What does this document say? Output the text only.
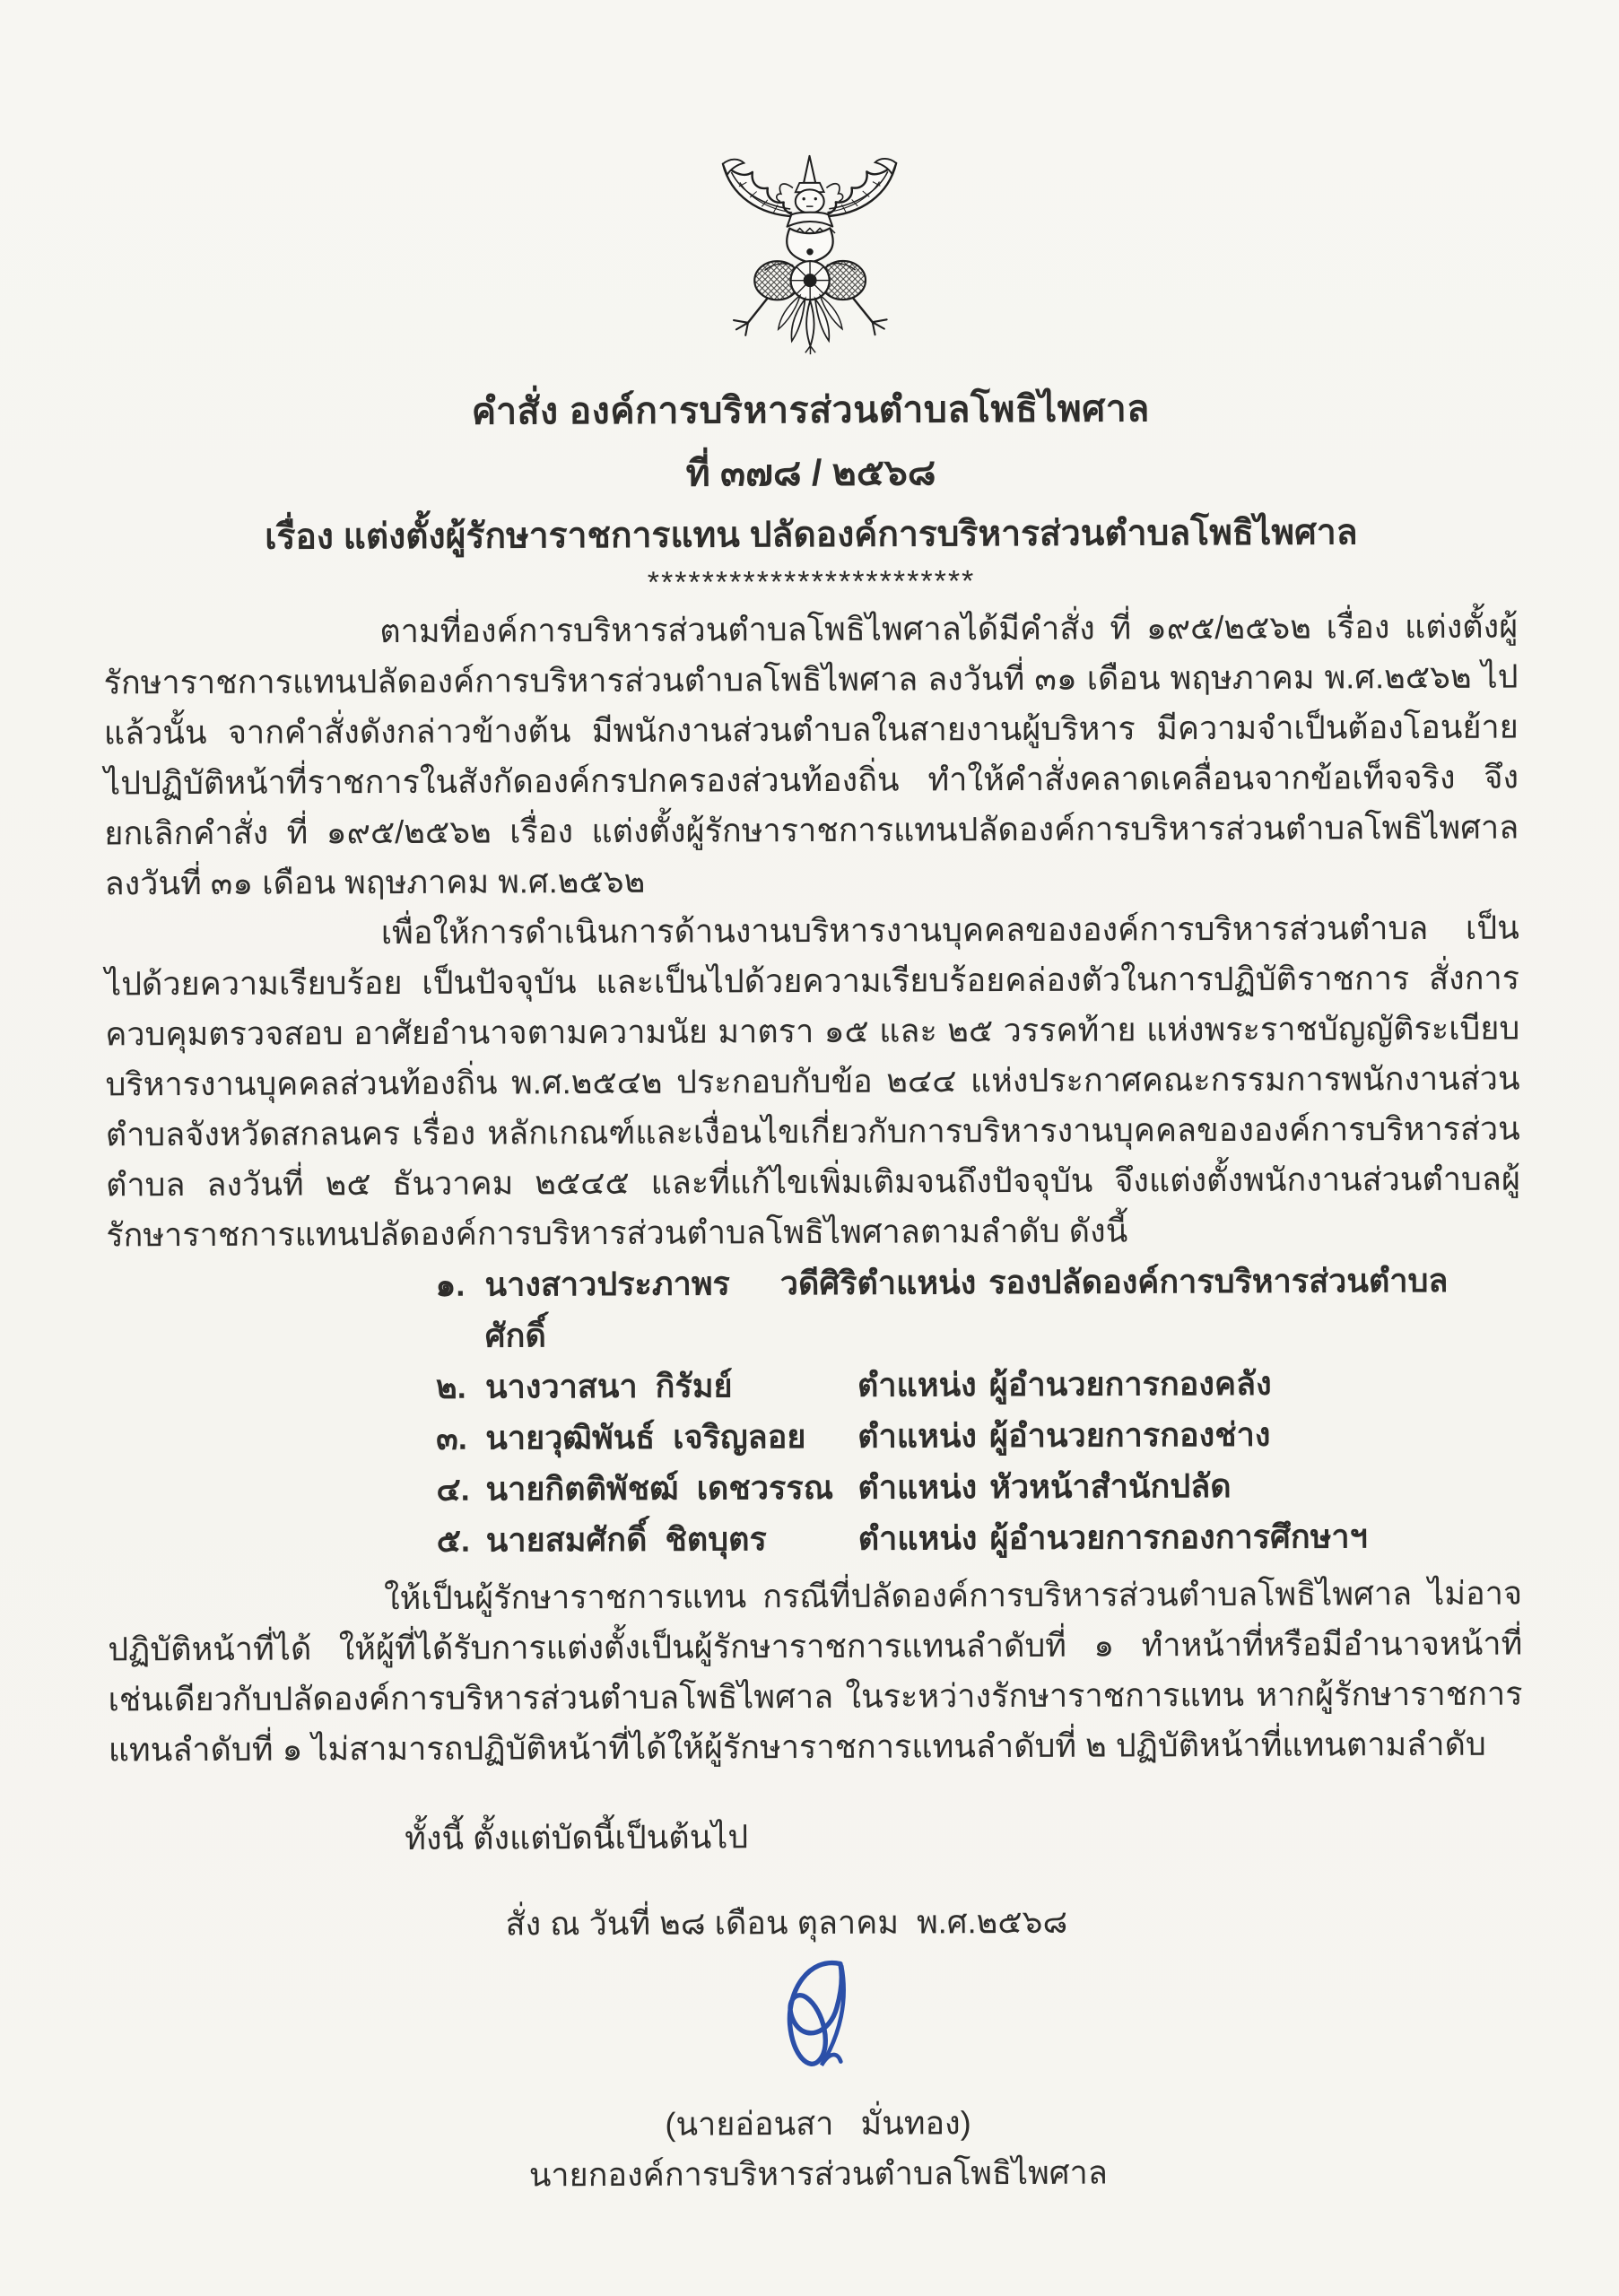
คำสั่ง องค์การบริหารส่วนตำบลโพธิไพศาล
ที่ ๓๗๘ / ๒๕๖๘
เรื่อง แต่งตั้งผู้รักษาราชการแทน ปลัดองค์การบริหารส่วนตำบลโพธิไพศาล
************************

ตามที่องค์การบริหารส่วนตำบลโพธิไพศาลได้มีคำสั่ง ที่ ๑๙๕/๒๕๖๒ เรื่อง แต่งตั้งผู้รักษาราชการแทนปลัดองค์การบริหารส่วนตำบลโพธิไพศาล ลงวันที่ ๓๑ เดือน พฤษภาคม พ.ศ.๒๕๖๒ ไปแล้วนั้น จากคำสั่งดังกล่าวข้างต้น มีพนักงานส่วนตำบลในสายงานผู้บริหาร มีความจำเป็นต้องโอนย้าย ไปปฏิบัติหน้าที่ราชการในสังกัดองค์กรปกครองส่วนท้องถิ่น ทำให้คำสั่งคลาดเคลื่อนจากข้อเท็จจริง จึงยกเลิกคำสั่ง ที่ ๑๙๕/๒๕๖๒ เรื่อง แต่งตั้งผู้รักษาราชการแทนปลัดองค์การบริหารส่วนตำบลโพธิไพศาล ลงวันที่ ๓๑ เดือน พฤษภาคม พ.ศ.๒๕๖๒

เพื่อให้การดำเนินการด้านงานบริหารงานบุคคลขององค์การบริหารส่วนตำบล เป็นไปด้วยความเรียบร้อย เป็นปัจจุบัน และเป็นไปด้วยความเรียบร้อยคล่องตัวในการปฏิบัติราชการ สั่งการ ควบคุมตรวจสอบ อาศัยอำนาจตามความนัย มาตรา ๑๕ และ ๒๕ วรรคท้าย แห่งพระราชบัญญัติระเบียบบริหารงานบุคคลส่วนท้องถิ่น พ.ศ.๒๕๔๒ ประกอบกับข้อ ๒๔๔ แห่งประกาศคณะกรรมการพนักงานส่วนตำบลจังหวัดสกลนคร เรื่อง หลักเกณฑ์และเงื่อนไขเกี่ยวกับการบริหารงานบุคคลขององค์การบริหารส่วนตำบล ลงวันที่ ๒๕ ธันวาคม ๒๕๔๕ และที่แก้ไขเพิ่มเติมจนถึงปัจจุบัน จึงแต่งตั้งพนักงานส่วนตำบลผู้รักษาราชการแทนปลัดองค์การบริหารส่วนตำบลโพธิไพศาลตามลำดับ ดังนี้

๑. นางสาวประภาพร  วดีศิริศักดิ์
ตำแหน่ง รองปลัดองค์การบริหารส่วนตำบล
๒. นางวาสนา  กิรัมย์	ตำแหน่ง ผู้อำนวยการกองคลัง
๓. นายวุฒิพันธ์  เจริญลอย	ตำแหน่ง ผู้อำนวยการกองช่าง
๔. นายกิตติพัชฒ์  เดชวรรณ ตำแหน่ง หัวหน้าสำนักปลัด
๕. นายสมศักดิ์  ชิตบุตร	ตำแหน่ง ผู้อำนวยการกองการศึกษาฯ

ให้เป็นผู้รักษาราชการแทน กรณีที่ปลัดองค์การบริหารส่วนตำบลโพธิไพศาล ไม่อาจปฏิบัติหน้าที่ได้ ให้ผู้ที่ได้รับการแต่งตั้งเป็นผู้รักษาราชการแทนลำดับที่ ๑ ทำหน้าที่หรือมีอำนาจหน้าที่เช่นเดียวกับปลัดองค์การบริหารส่วนตำบลโพธิไพศาล ในระหว่างรักษาราชการแทน หากผู้รักษาราชการแทนลำดับที่ ๑ ไม่สามารถปฏิบัติหน้าที่ได้ให้ผู้รักษาราชการแทนลำดับที่ ๒ ปฏิบัติหน้าที่แทนตามลำดับ

ทั้งนี้ ตั้งแต่บัดนี้เป็นต้นไป

สั่ง ณ วันที่ ๒๘ เดือน ตุลาคม  พ.ศ.๒๕๖๘

(นายอ่อนสา   มั่นทอง)
นายกองค์การบริหารส่วนตำบลโพธิไพศาล
